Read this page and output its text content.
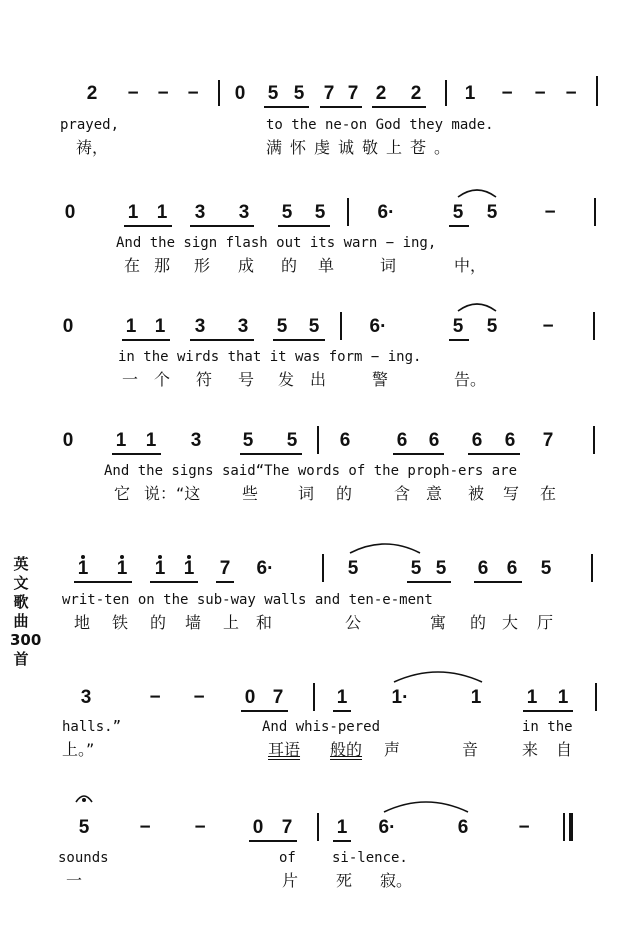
英文歌曲300首
2 − − − 0 5 5 7 7 2 2 1 − − −
prayed,	to the ne-on God they made.
祷，	满怀虔诚敬上苍。
0	1 1 3 3 5 5	6·	5 5 −
And the sign flash out its warn − ing,
在 那 形 成 的 单	词	中，
0	1 1 3 3 5 5	6·	5 5 −
in the wirds that it was form − ing.
一 个 符 号 发 出	警	告。
0 1 1 3 5 5 6 6 6 6 6 7
And the signs said“The words of the proph-ers are
它 说：“这	些 词 的	含 意 被 写 在
1 1 1 1 7 6·	5	5 5 6 6 5
writ-ten on the sub-way walls and ten-e-ment
地 铁 的 墙 上 和	公	寓 的 大 厅
3	− − 0 7	1 1·	1 1 1
halls.”	And whis-pered	in the
上。”	耳语 般的 声	音	来 自
5	− − 0 7 1 6·	6	−
sounds	of	si-lence.
一	片 死 寂。
